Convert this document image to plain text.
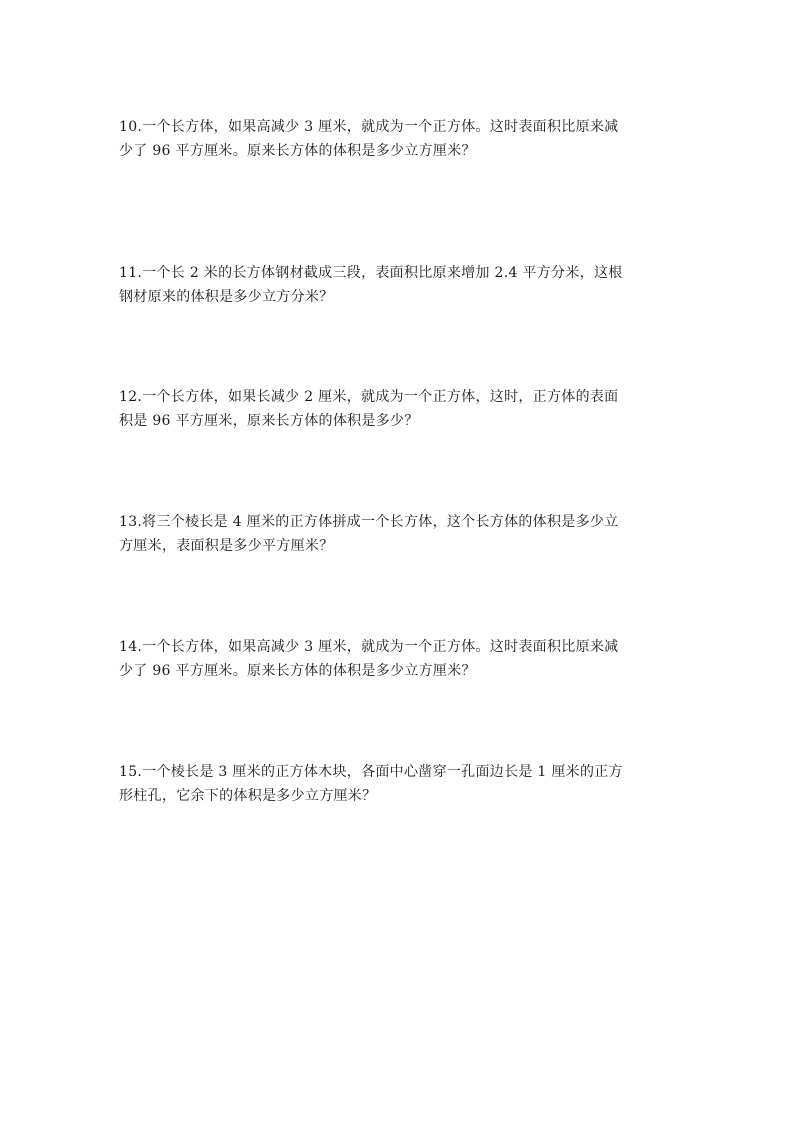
10.一个长方体，如果高减少 3 厘米，就成为一个正方体。这时表面积比原来减
少了 96 平方厘米。原来长方体的体积是多少立方厘米？
11.一个长 2 米的长方体钢材截成三段，表面积比原来增加 2.4 平方分米，这根
钢材原来的体积是多少立方分米？
12.一个长方体，如果长减少 2 厘米，就成为一个正方体，这时，正方体的表面
积是 96 平方厘米，原来长方体的体积是多少？
13.将三个棱长是 4 厘米的正方体拼成一个长方体，这个长方体的体积是多少立
方厘米，表面积是多少平方厘米？
14.一个长方体，如果高减少 3 厘米，就成为一个正方体。这时表面积比原来减
少了 96 平方厘米。原来长方体的体积是多少立方厘米？
15.一个棱长是 3 厘米的正方体木块，各面中心凿穿一孔面边长是 1 厘米的正方
形柱孔，它余下的体积是多少立方厘米？
